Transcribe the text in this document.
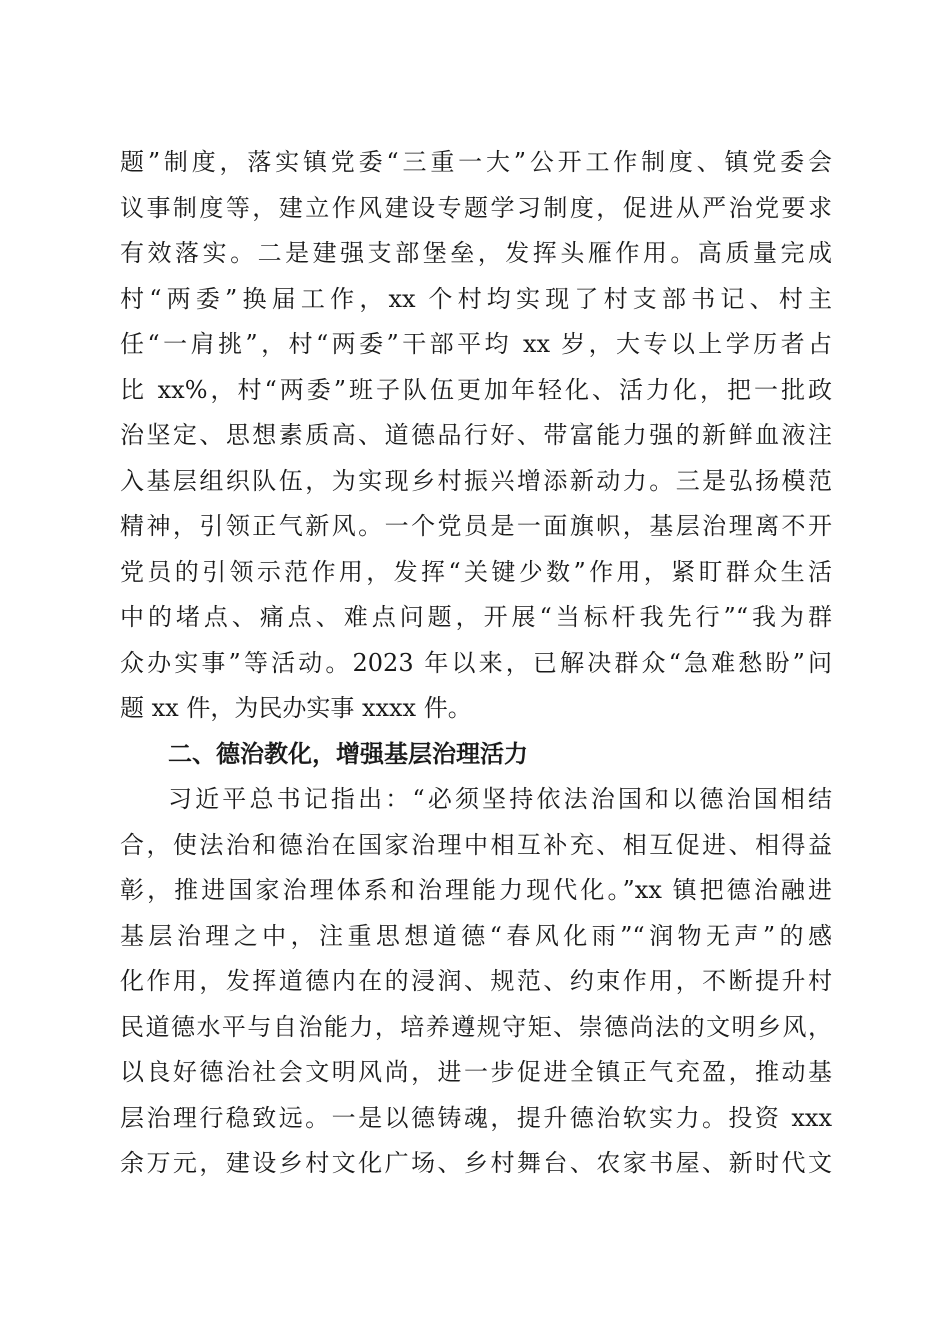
题”制度，落实镇党委“三重一大”公开工作制度、镇党委会
议事制度等，建立作风建设专题学习制度，促进从严治党要求
有效落实。二是建强支部堡垒，发挥头雁作用。高质量完成
村“两委”换届工作，xx 个村均实现了村支部书记、村主
任“一肩挑”，村“两委”干部平均 xx 岁，大专以上学历者占
比 xx%，村“两委”班子队伍更加年轻化、活力化，把一批政
治坚定、思想素质高、道德品行好、带富能力强的新鲜血液注
入基层组织队伍，为实现乡村振兴增添新动力。三是弘扬模范
精神，引领正气新风。一个党员是一面旗帜，基层治理离不开
党员的引领示范作用，发挥“关键少数”作用，紧盯群众生活
中的堵点、痛点、难点问题，开展“当标杆我先行”“我为群
众办实事”等活动。2023 年以来，已解决群众“急难愁盼”问
题 xx 件，为民办实事 xxxx 件。
二、德治教化，增强基层治理活力
习近平总书记指出：“必须坚持依法治国和以德治国相结
合，使法治和德治在国家治理中相互补充、相互促进、相得益
彰，推进国家治理体系和治理能力现代化。”xx 镇把德治融进
基层治理之中，注重思想道德“春风化雨”“润物无声”的感
化作用，发挥道德内在的浸润、规范、约束作用，不断提升村
民道德水平与自治能力，培养遵规守矩、崇德尚法的文明乡风，
以良好德治社会文明风尚，进一步促进全镇正气充盈，推动基
层治理行稳致远。一是以德铸魂，提升德治软实力。投资 xxx
余万元，建设乡村文化广场、乡村舞台、农家书屋、新时代文
